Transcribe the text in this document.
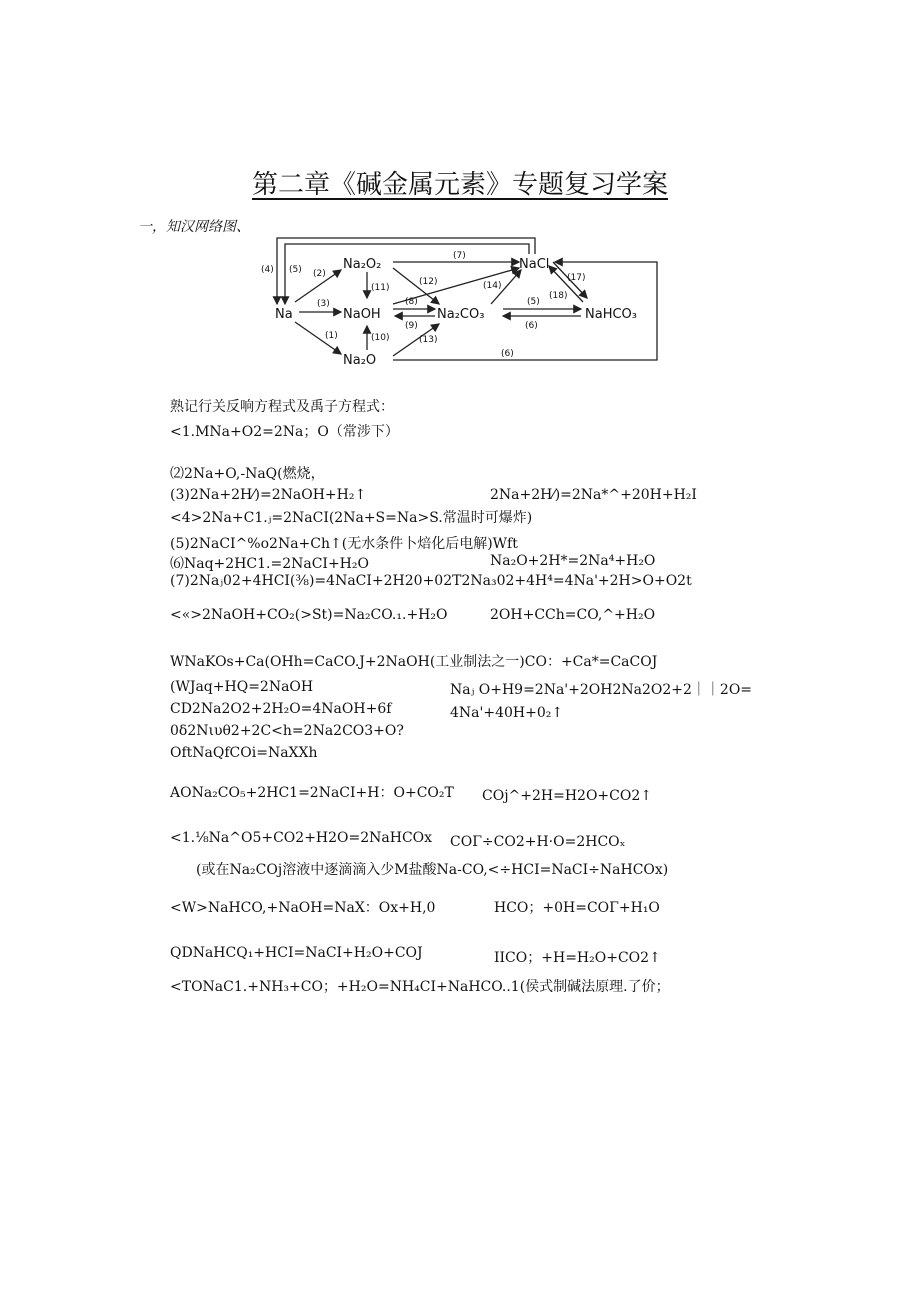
第二章《碱金属元素》专题复习学案
一，知汉网络图、
Na
Na₂O₂
NaOH
Na₂O
NaCl
Na₂CO₃	NaHCO₃
(4) (5) (2)
(3)
(1)
(11)
(10)
(7)
(12)
(8)
(9)
(13)
(14)
(5)
(6)
(17)
(18)
(6)
熟记行关反响方程式及禹子方程式：
<1.MNa+O2=2Na；O（常涉下）
⑵2Na+O,-NaQ(燃烧，
(3)2Na+2H⁄)=2NaOH+H₂↑	2Na+2H⁄)=2Na*^+20H+H₂I
<4>2Na+C1.ⱼ=2NaCI(2Na+S=Na>S.常温时可爆炸)
(5)2NaCI^%o2Na+Ch↑(无水条件卜焙化后电解)Wft
⑹Naq+2HC1.=2NaCI+H₂O	Na₂O+2H*=2Na⁴+H₂O
(7)2Naⱼ02+4HCI(⅜)=4NaCI+2H20+02T2Na₃02+4H⁴=4Na'+2H>O+O2t
<«>2NaOH+CO₂(>St)=Na₂CO.₁.+H₂O	2OH+CCh=CO,^+H₂O
WNaKOs+Ca(OHh=CaCO.J+2NaOH(工业制法之一)CO：+Ca*=CaCOJ
(WJaq+HQ=2NaOH	Naⱼ O+H9=2Na'+2OH2Na2O2+2｜｜2O=
CD2Na2O2+2H₂O=4NaOH+6f	4Na'+40H+0₂↑
0δ2Nιυθ2+2C<h=2Na2CO3+O?
OftNaQfCOi=NaXXh
AONa₂CO₅+2HC1=2NaCI+H：O+CO₂T COj^+2H=H2O+CO2↑
<1.⅛Na^O5+CO2+H2O=2NaHCOx COΓ÷CO2+H·O=2HCOₓ
(或在Na₂COj溶液中逐滴滴入少M盐酸Na-CO,<÷HCI=NaCI÷NaHCOx)
<W>NaHCO,+NaOH=NaX：Ox+H,0	HCO；+0H=COΓ+H₁O
QDNaHCQ₁+HCI=NaCI+H₂O+COJ	IICO；+H=H₂O+CO2↑
<TONaC1.+NH₃+CO；+H₂O=NH₄CI+NaHCO..1(侯式制碱法原理.了价；
